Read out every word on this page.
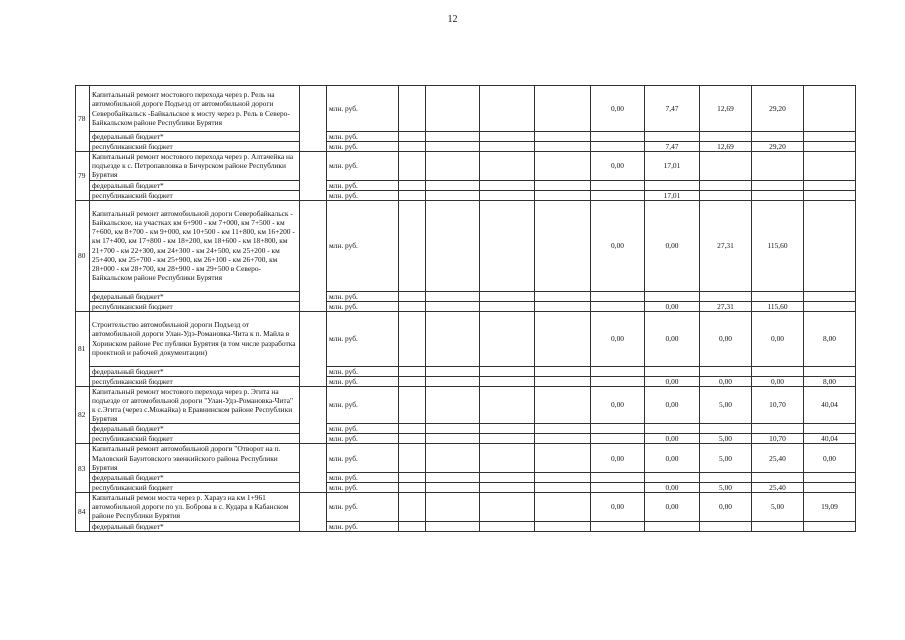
12
78	Капитальный ремонт мостового перехода через р. Рель на автомобильной дороге Подъезд от автомобильной дороги Северобайкальск -Байкальское к мосту через р. Рель в Северо-Байкальском районе Республики Бурятия		млн. руб.					0,00	7,47	12,69	29,20	
	федеральный бюджет*		млн. руб.									
	республиканский бюджет		млн. руб.						7,47	12,69	29,20	
79	Капитальный ремонт мостового перехода через р. Алтачейка на подъезде к с. Петропавловка в Бичурском районе Республики Бурятия		млн. руб.					0,00	17,01			
	федеральный бюджет*		млн. руб.									
	республиканский бюджет		млн. руб.						17,01			
80	Капитальный ремонт автомобильной дороги Северобайкальск - Байкальское, на участках км 6+900 - км 7+000, км 7+500 - км 7+600, км 8+700 - км 9+000, км 10+500 - км 11+800, км 16+200 - км 17+400, км 17+800 - км 18+200, км 18+600 - км 18+800, км 21+700 - км 22+300, км 24+300 - км 24+500, км 25+200 - км 25+400, км 25+700 - км 25+900, км 26+100 - км 26+700, км 28+000 - км 28+700, км 28+900 - км 29+500 в Северо-Байкальском районе Республики Бурятия		млн. руб.					0,00	0,00	27,31	115,60	
	федеральный бюджет*		млн. руб.									
	республиканский бюджет		млн. руб.						0,00	27,31	115,60	
81	Строительство автомобильной дороги Подъезд от автомобильной дороги Улан-Удэ-Романовка-Чита к п. Майла в Хоринском районе Рес публики Бурятия (в том числе разработка проектной и рабочей документации)		млн. руб.					0,00	0,00	0,00	0,00	8,00
	федеральный бюджет*		млн. руб.									
	республиканский бюджет		млн. руб.						0,00	0,00	0,00	8,00
82	Капитальный ремонт мостового перехода через р. Эгита на подъезде от автомобильной дороги "Улан-Удэ-Романовка-Чита" к с.Эгита (через с.Можайка) в Еравнинском районе Республики Бурятия		млн. руб.					0,00	0,00	5,00	10,70	40,04
	федеральный бюджет*		млн. руб.									
	республиканский бюджет		млн. руб.						0,00	5,00	10,70	40,04
83	Капитальный ремонт автомобильной дороги "Отворот на п. Маловский Баунтовского эвенкийского района Республики Бурятия		млн. руб.					0,00	0,00	5,00	25,40	0,00
	федеральный бюджет*		млн. руб.									
	республиканский бюджет		млн. руб.						0,00	5,00	25,40	
84	Капитальный ремон моста через р. Харауз на км 1+961 автомобильной дороги по ул. Боброва в с. Кудара в Кабанском районе Республики Бурятия		млн. руб.					0,00	0,00	0,00	5,00	19,09
	федеральный бюджет*		млн. руб.									
